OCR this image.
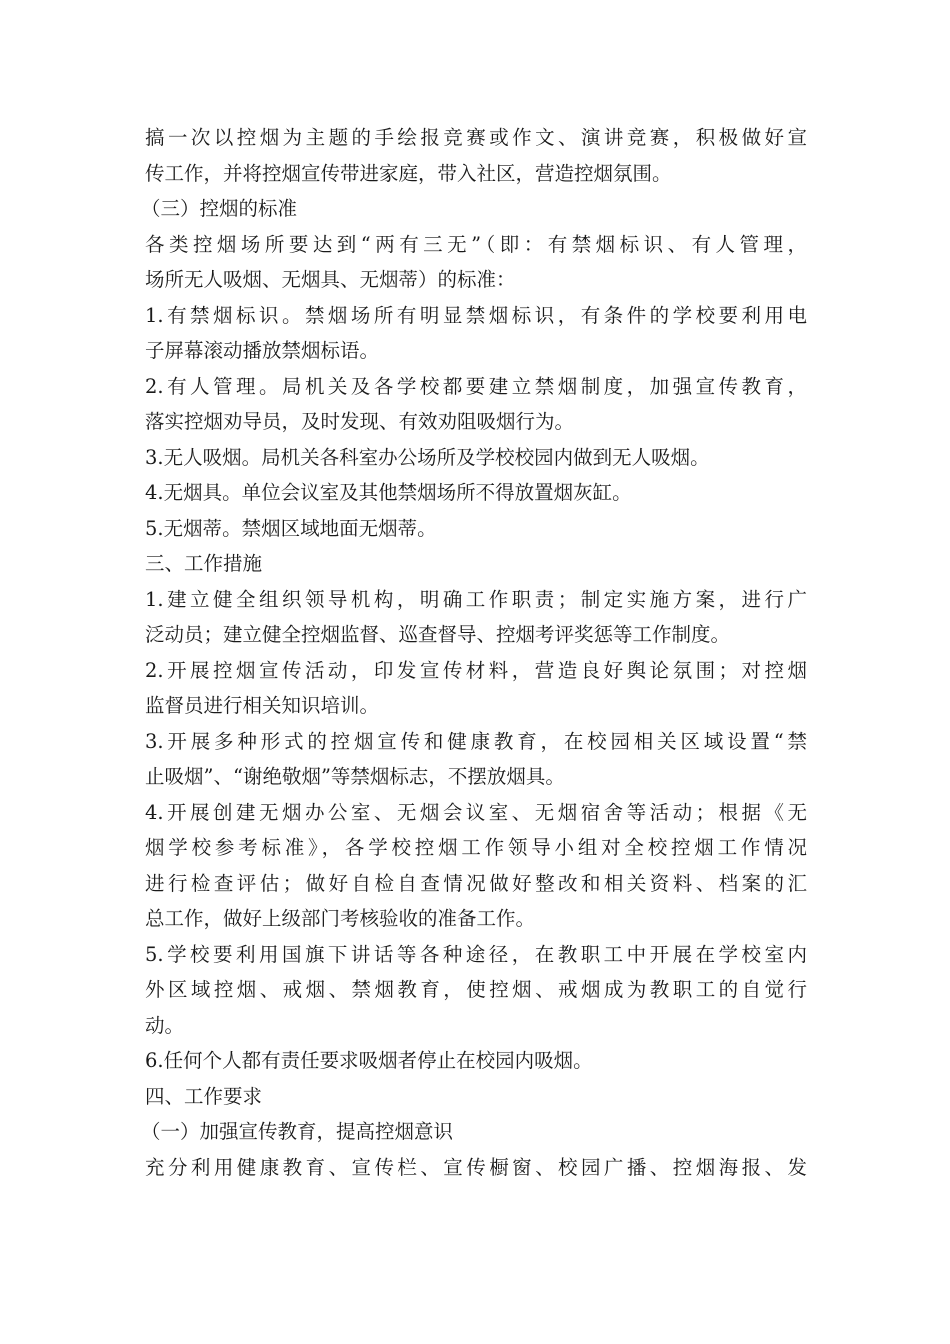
搞一次以控烟为主题的手绘报竞赛或作文、演讲竞赛，积极做好宣
传工作，并将控烟宣传带进家庭，带入社区，营造控烟氛围。
（三）控烟的标准
各类控烟场所要达到“两有三无”（即：有禁烟标识、有人管理，
场所无人吸烟、无烟具、无烟蒂）的标准：
1.有禁烟标识。禁烟场所有明显禁烟标识，有条件的学校要利用电
子屏幕滚动播放禁烟标语。
2.有人管理。局机关及各学校都要建立禁烟制度，加强宣传教育，
落实控烟劝导员，及时发现、有效劝阻吸烟行为。
3.无人吸烟。局机关各科室办公场所及学校校园内做到无人吸烟。
4.无烟具。单位会议室及其他禁烟场所不得放置烟灰缸。
5.无烟蒂。禁烟区域地面无烟蒂。
三、工作措施
1.建立健全组织领导机构，明确工作职责；制定实施方案，进行广
泛动员；建立健全控烟监督、巡查督导、控烟考评奖惩等工作制度。
2.开展控烟宣传活动，印发宣传材料，营造良好舆论氛围；对控烟
监督员进行相关知识培训。
3.开展多种形式的控烟宣传和健康教育，在校园相关区域设置“禁
止吸烟”、“谢绝敬烟”等禁烟标志，不摆放烟具。
4.开展创建无烟办公室、无烟会议室、无烟宿舍等活动；根据《无
烟学校参考标准》，各学校控烟工作领导小组对全校控烟工作情况
进行检查评估；做好自检自查情况做好整改和相关资料、档案的汇
总工作，做好上级部门考核验收的准备工作。
5.学校要利用国旗下讲话等各种途径，在教职工中开展在学校室内
外区域控烟、戒烟、禁烟教育，使控烟、戒烟成为教职工的自觉行
动。
6.任何个人都有责任要求吸烟者停止在校园内吸烟。
四、工作要求
（一）加强宣传教育，提高控烟意识
充分利用健康教育、宣传栏、宣传橱窗、校园广播、控烟海报、发
